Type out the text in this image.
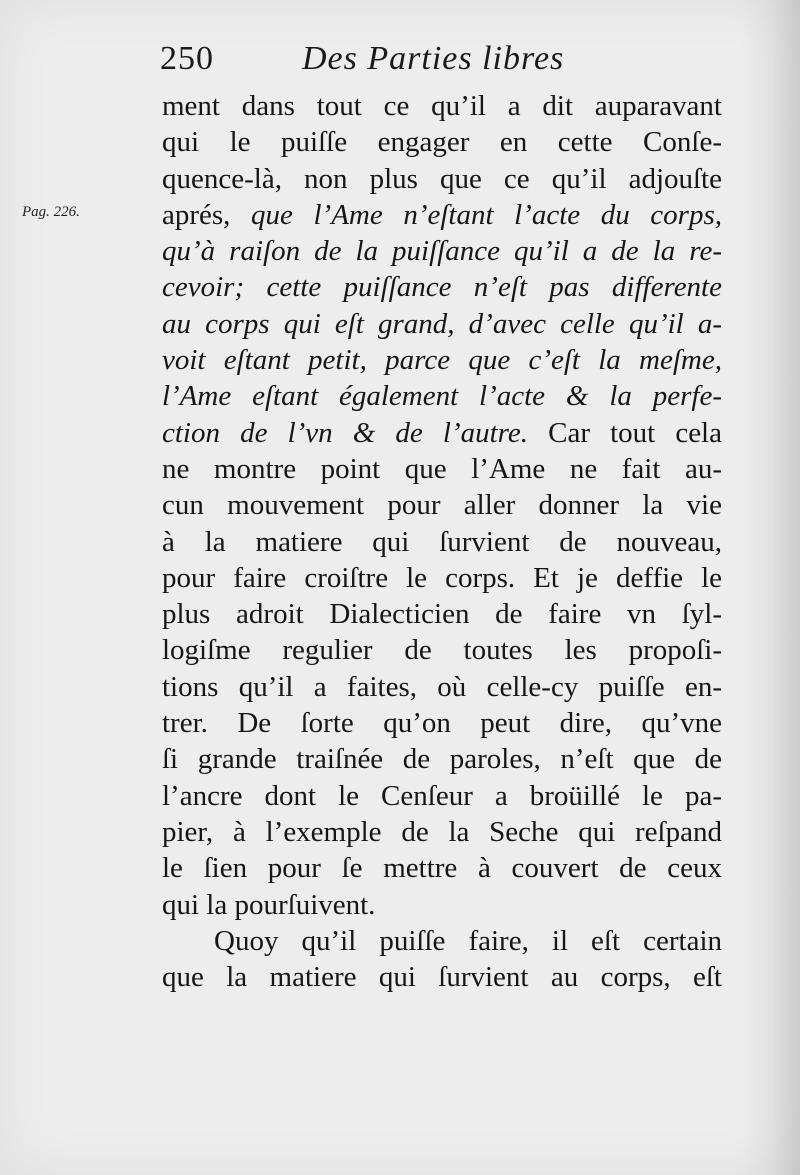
250	Des Parties libres
Pag. 226.
ment dans tout ce qu’il a dit auparavant
qui le puiſſe engager en cette Conſe-
quence-là, non plus que ce qu’il adjouſte
aprés, que l’Ame n’eſtant l’acte du corps,
qu’à raiſon de la puiſſance qu’il a de la re-
cevoir; cette puiſſance n’eſt pas differente
au corps qui eſt grand, d’avec celle qu’il a-
voit eſtant petit, parce que c’eſt la meſme,
l’Ame eſtant également l’acte & la perfe-
ction de l’vn & de l’autre. Car tout cela
ne montre point que l’Ame ne fait au-
cun mouvement pour aller donner la vie
à la matiere qui ſurvient de nouveau,
pour faire croiſtre le corps. Et je deffie le
plus adroit Dialecticien de faire vn ſyl-
logiſme regulier de toutes les propoſi-
tions qu’il a faites, où celle-cy puiſſe en-
trer. De ſorte qu’on peut dire, qu’vne
ſi grande traiſnée de paroles, n’eſt que de
l’ancre dont le Cenſeur a broüillé le pa-
pier, à l’exemple de la Seche qui reſpand
le ſien pour ſe mettre à couvert de ceux
qui la pourſuivent.
Quoy qu’il puiſſe faire, il eſt certain
que la matiere qui ſurvient au corps, eſt
